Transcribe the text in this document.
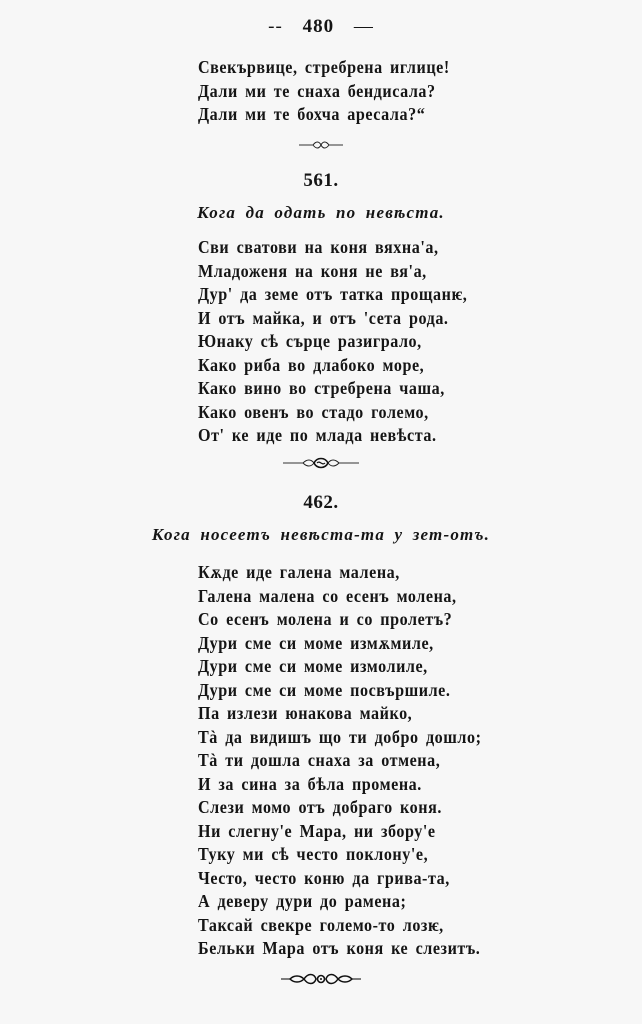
-- 480 —
Свекървице, стребрена иглице!
Дали ми те снаха бендисала?
Дали ми те бохча аресала?“
561.
Кога да одать по невѣста.
Сви сватови на коня вяхна'а,
Младоженя на коня не вя'а,
Дур' да земе отъ татка прощанѥ,
И отъ майка, и отъ 'сета рода.
Юнаку сѣ сърце разиграло,
Како риба во длабоко море,
Како вино во стребрена чаша,
Како овенъ во стадо големо,
От' ке иде по млада невѣста.
462.
Кога носеетъ невѣста-та у зет-отъ.
Кѫде иде галена малена,
Галена малена со есенъ молена,
Со есенъ молена и со пролетъ?
Дури сме си моме измѫмиле,
Дури сме си моме измолиле,
Дури сме си моме посвършиле.
Па излези юнакова майко,
Тà да видишъ що ти добро дошло;
Тà ти дошла снаха за отмена,
И за сина за бѣла промена.
Слези момо отъ добраго коня.
Ни слегну'е Мара, ни збору'е
Туку ми сѣ често поклону'е,
Често, често коню да грива-та,
А деверу дури до рамена;
Таксай свекре големо-то лозѥ,
Бельки Мара отъ коня ке слезитъ.
